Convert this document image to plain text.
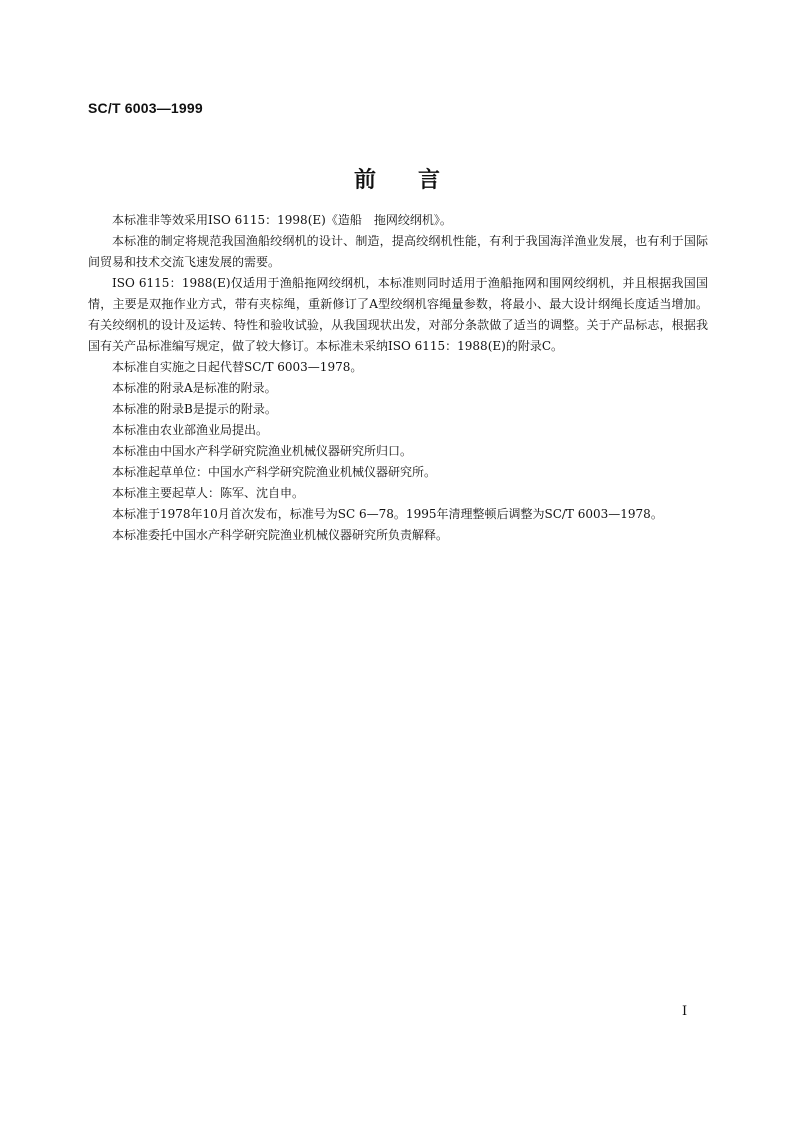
SC/T 6003—1999
前 言

本标准非等效采用ISO 6115：1998(E)《造船　拖网绞纲机》。

本标准的制定将规范我国渔船绞纲机的设计、制造，提高绞纲机性能，有利于我国海洋渔业发展，也有利于国际间贸易和技术交流飞速发展的需要。

ISO 6115：1988(E)仅适用于渔船拖网绞纲机，本标准则同时适用于渔船拖网和围网绞纲机，并且根据我国国情，主要是双拖作业方式，带有夹棕绳，重新修订了A型绞纲机容绳量参数，将最小、最大设计纲绳长度适当增加。有关绞纲机的设计及运转、特性和验收试验，从我国现状出发，对部分条款做了适当的调整。关于产品标志，根据我国有关产品标准编写规定，做了较大修订。本标准未采纳ISO 6115：1988(E)的附录C。

本标准自实施之日起代替SC/T 6003—1978。

本标准的附录A是标准的附录。

本标准的附录B是提示的附录。

本标准由农业部渔业局提出。

本标准由中国水产科学研究院渔业机械仪器研究所归口。

本标准起草单位：中国水产科学研究院渔业机械仪器研究所。

本标准主要起草人：陈军、沈自申。

本标准于1978年10月首次发布，标准号为SC 6—78。1995年清理整顿后调整为SC/T 6003—1978。

本标准委托中国水产科学研究院渔业机械仪器研究所负责解释。

I
